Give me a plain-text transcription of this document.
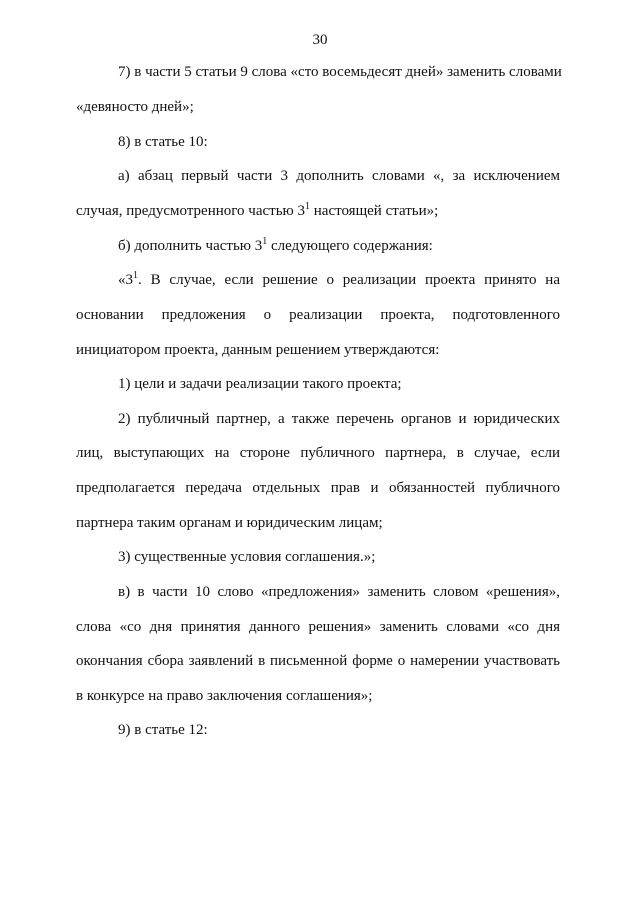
30
7) в части 5 статьи 9 слова «сто восемьдесят дней» заменить словами
«девяносто дней»;
8) в статье 10:
а) абзац первый части 3 дополнить словами «, за исключением
случая, предусмотренного частью $3^1$ настоящей статьи»;
б) дополнить частью $3^1$ следующего содержания:
«$3^1$. В случае, если решение о реализации проекта принято на
основании предложения о реализации проекта, подготовленного
инициатором проекта, данным решением утверждаются:
1) цели и задачи реализации такого проекта;
2) публичный партнер, а также перечень органов и юридических
лиц, выступающих на стороне публичного партнера, в случае, если
предполагается передача отдельных прав и обязанностей публичного
партнера таким органам и юридическим лицам;
3) существенные условия соглашения.»;
в) в части 10 слово «предложения» заменить словом «решения»,
слова «со дня принятия данного решения» заменить словами «со дня
окончания сбора заявлений в письменной форме о намерении участвовать
в конкурсе на право заключения соглашения»;
9) в статье 12:
